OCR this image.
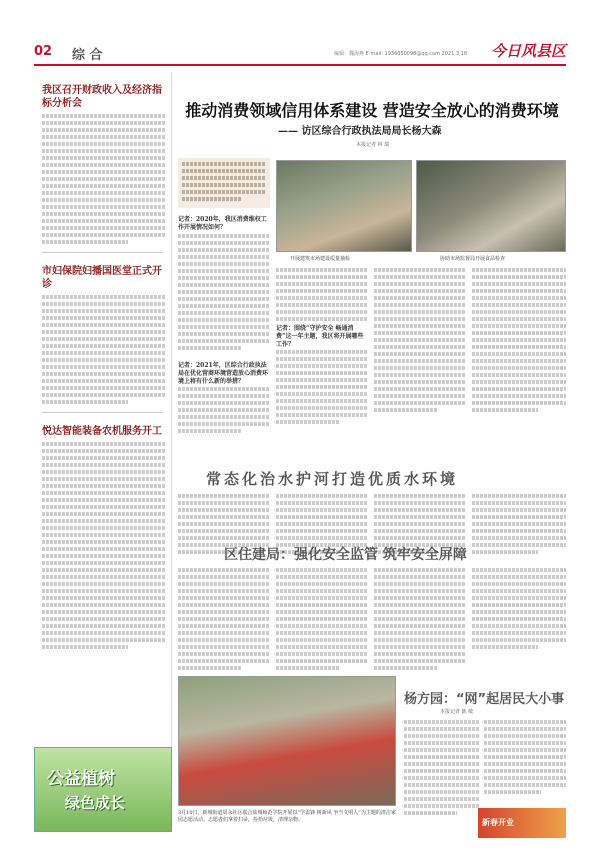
02 综 合	编辑：魏海燕 E-mail: 1936050098@qq.com 2021.3.18 今日风县区
我区召开财政收入及经济指标分析会
市妇保院妇播国医堂正式开诊
悦达智能装备农机服务开工
公益植树
绿色成长
推动消费领域信用体系建设 营造安全放心的消费环境
—— 访区综合行政执法局局长杨大森
本报记者 林 瑞
记者：2020年，我区消费维权工作开展情况如何？
开展建筑市场建设质量抽检	协助市场监督局开展食品检查
记者：围绕“守护安全 畅通消费”这一年主题，我区将开展哪些工作？
记者：2021年，区综合行政执法局在优化营商环境营造放心消费环境上将有什么新的举措？
常态化治水护河打造优质水环境
区住建局：强化安全监管 筑牢安全屏障
3月10日，新城街道周永社区联合盐城师范学院开展以“学雷锋 树新风 争当文明人”为主题的清洁家园志愿活动。志愿者们拿着扫帚，捡拾垃圾，清理杂物。
杨方园：“网”起居民大小事
本报记者 陈 敏
新春开业
